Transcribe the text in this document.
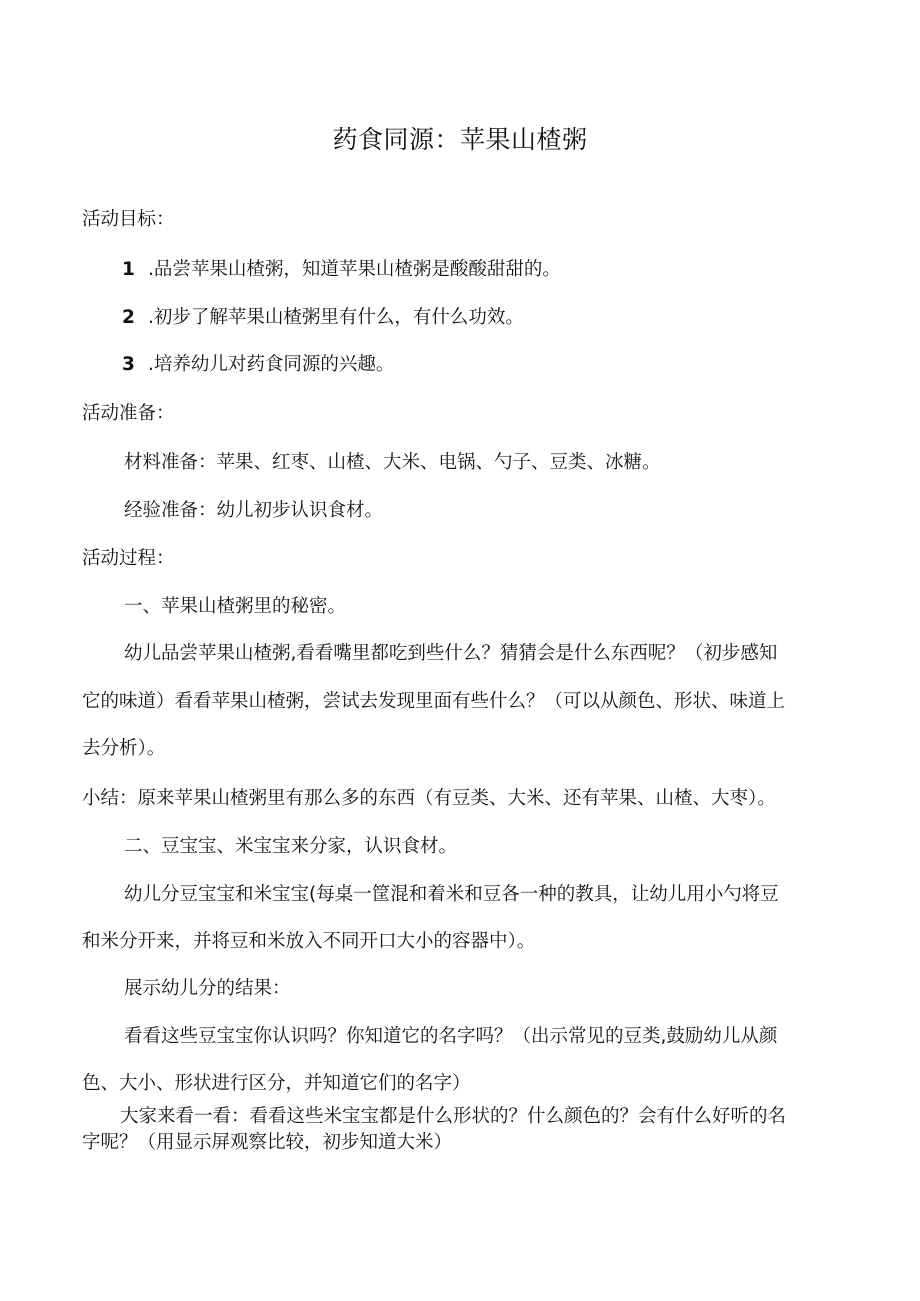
药食同源：苹果山楂粥

活动目标：

1 .品尝苹果山楂粥，知道苹果山楂粥是酸酸甜甜的。

2 .初步了解苹果山楂粥里有什么，有什么功效。

3 .培养幼儿对药食同源的兴趣。

活动准备：

材料准备：苹果、红枣、山楂、大米、电锅、勺子、豆类、冰糖。

经验准备：幼儿初步认识食材。

活动过程：

一、苹果山楂粥里的秘密。

幼儿品尝苹果山楂粥,看看嘴里都吃到些什么？猜猜会是什么东西呢？（初步感知

它的味道）看看苹果山楂粥，尝试去发现里面有些什么？（可以从颜色、形状、味道上

去分析）。

小结：原来苹果山楂粥里有那么多的东西（有豆类、大米、还有苹果、山楂、大枣）。

二、豆宝宝、米宝宝来分家，认识食材。

幼儿分豆宝宝和米宝宝(每桌一筐混和着米和豆各一种的教具，让幼儿用小勺将豆

和米分开来，并将豆和米放入不同开口大小的容器中）。

展示幼儿分的结果：

看看这些豆宝宝你认识吗？你知道它的名字吗？（出示常见的豆类,鼓励幼儿从颜

色、大小、形状进行区分，并知道它们的名字）

大家来看一看：看看这些米宝宝都是什么形状的？什么颜色的？会有什么好听的名

字呢？（用显示屏观察比较，初步知道大米）
